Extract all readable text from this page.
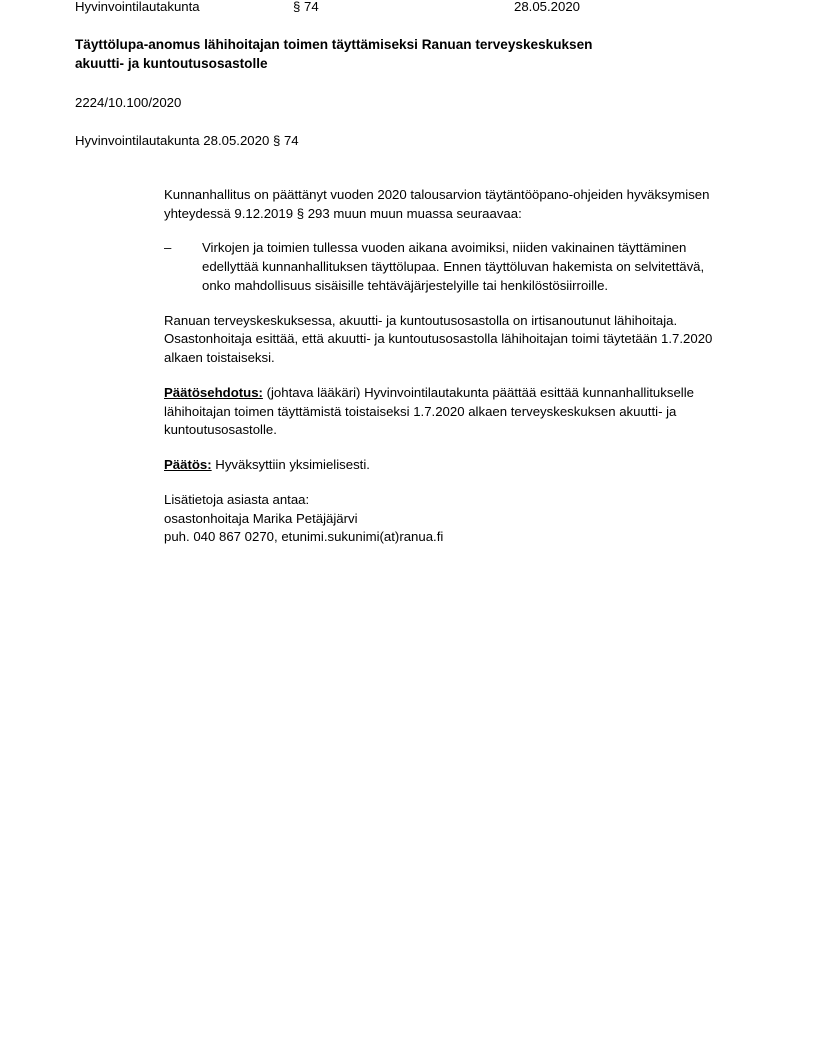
Hyvinvointilautakunta	§ 74	28.05.2020
Täyttölupa-anomus lähihoitajan toimen täyttämiseksi Ranuan terveyskeskuksen akuutti- ja kuntoutusosastolle
2224/10.100/2020
Hyvinvointilautakunta 28.05.2020 § 74

Kunnanhallitus on päättänyt vuoden 2020 talousarvion täytäntööpano-ohjeiden hyväksymisen yhteydessä 9.12.2019 § 293 muun muun muassa seuraavaa:

–	Virkojen ja toimien tullessa vuoden aikana avoimiksi, niiden vakinainen täyttäminen edellyttää kunnanhallituksen täyttölupaa. Ennen täyttöluvan hakemista on selvitettävä, onko mahdollisuus sisäisille tehtäväjärjestelyille tai henkilöstösiirroille.

Ranuan terveyskeskuksessa, akuutti- ja kuntoutusosastolla on irtisanoutunut lähihoitaja. Osastonhoitaja esittää, että akuutti- ja kuntoutusosastolla lähihoitajan toimi täytetään 1.7.2020 alkaen toistaiseksi.

Päätösehdotus: (johtava lääkäri) Hyvinvointilautakunta päättää esittää kunnanhallitukselle lähihoitajan toimen täyttämistä toistaiseksi 1.7.2020 alkaen terveyskeskuksen akuutti- ja kuntoutusosastolle.

Päätös: Hyväksyttiin yksimielisesti.

Lisätietoja asiasta antaa:
osastonhoitaja Marika Petäjäjärvi
puh. 040 867 0270, etunimi.sukunimi(at)ranua.fi
